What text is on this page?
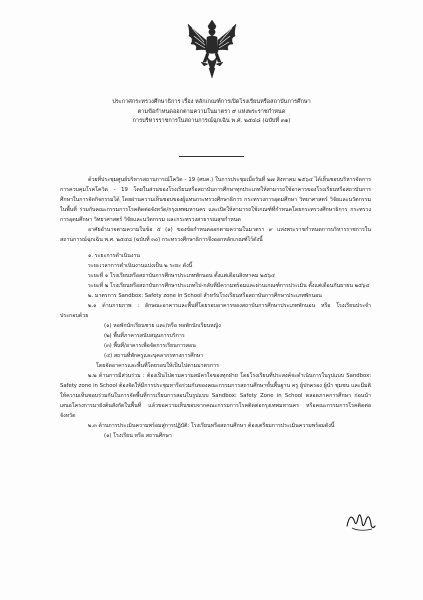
ประกาศกระทรวงศึกษาธิการ เรื่อง หลักเกณฑ์การเปิดโรงเรียนหรือสถาบันการศึกษา
ตามข้อกำหนดออกตามความในมาตรา ๙ แห่งพระราชกำหนด
การบริหารราชการในสถานการณ์ฉุกเฉิน พ.ศ. ๒๕๔๘ (ฉบับที่ ๓๑)

ด้วยที่ประชุมศูนย์บริหารสถานการณ์โควิด - 19 (ศบค.) ในการประชุมเมื่อวันที่ ๒๗ สิงหาคม ๒๕๖๔ ได้เห็นชอบบริหารจัดการการควบคุมโรคโควิด - 19 โดยในส่วนของโรงเรียนหรือสถาบันการศึกษาทุกประเภทให้สามารถใช้อาคารของโรงเรียนหรือสถาบันการศึกษาในการจัดกิจกรรมได้ โดยผ่านความเห็นชอบของผู้แทนกระทรวงศึกษาธิการ กระทรวงการอุดมศึกษา วิทยาศาสตร์ วิจัยและนวัตกรรมในพื้นที่ ร่วมกับคณะกรรมการโรคติดต่อจังหวัด/กรุงเทพมหานคร และเปิดให้สามารถใช้เกณฑ์ที่กำหนดโดยกระทรวงศึกษาธิการ กระทรวงการอุดมศึกษา วิทยาศาสตร์ วิจัยและนวัตกรรม และกระทรวงสาธารณสุขกำหนด

อาศัยอำนาจตามความในข้อ ๕ (๑) ของข้อกำหนดออกตามความในมาตรา ๙ แห่งพระราชกำหนดการบริหารราชการในสถานการณ์ฉุกเฉิน พ.ศ. ๒๕๔๘ (ฉบับที่ ๓๐) กระทรวงศึกษาธิการจึงออกหลักเกณฑ์ไว้ดังนี้

๑. ระยะการดำเนินงาน

ระยะเวลาการดำเนินงานแบ่งเป็น ๒ ระยะ ดังนี้

ระยะที่ ๑ โรงเรียนหรือสถาบันการศึกษาประเภทพักนอน ตั้งแต่เดือนสิงหาคม ๒๕๖๔

ระยะที่ ๒ โรงเรียนหรือสถาบันการศึกษาประเภทไป-กลับที่มีความพร้อมและผ่านเกณฑ์การประเมิน ตั้งแต่เดือนกันยายน ๒๕๖๔

๒. มาตรการ Sandbox: Safety zone in School สำหรับโรงเรียนหรือสถาบันการศึกษาประเภทพักนอน

๒.๑ ด้านกายภาพ : ลักษณะอาคารและพื้นที่โดยรอบอาคารของสถาบันการศึกษาประเภทพักนอน หรือ โรงเรียนประจำ ประกอบด้วย

(๑) หอพักนักเรียนชาย และ/หรือ หอพักนักเรียนหญิง

(๒) พื้นที่ภาคารสนับสนุนการบริการ

(๓) พื้นที่/อาคารเพื่อจัดการเรียนการสอน

(๔) สถานที่พักครูและบุคลากรทางการศึกษา

โดยจัดอาคารและพื้นที่โดยรอบให้เป็นไปตามมาตรการ

๒.๒ ด้านการมีส่วนร่วม : ต้องเป็นไปตามความสมัครใจของทุกฝ่าย โดยโรงเรียนที่ประสงค์จะดำเนินการในรูปแบบ Sandbox: Safety zone in School ต้องจัดให้มีการประชุมหารือร่วมกันของคณะกรรมการสถานศึกษาขั้นพื้นฐาน ครู ผู้ปกครอง ผู้นำ ชุมชน และมีมติให้ความเห็นชอบร่วมกันในการจัดพื้นที่การเรียนการสอนในรูปแบบ Sandbox: Safety Zone in School ตลอดภาคการศึกษา ก่อนนำเสนอโครงการมายังต้นสังกัดในพื้นที่ แล้วขอความเห็นชอบจากคณะกรรมการโรคติดต่อกรุงเทพมหานคร หรือคณะกรรมการโรคติดต่อจังหวัด

๒.๓ ด้านการประเมินความพร้อมสู่การปฏิบัติ: โรงเรียนหรือสถานศึกษา ต้องเตรียมการประเมินความพร้อมดังนี้

(๑) โรงเรียน หรือ สถานศึกษา
